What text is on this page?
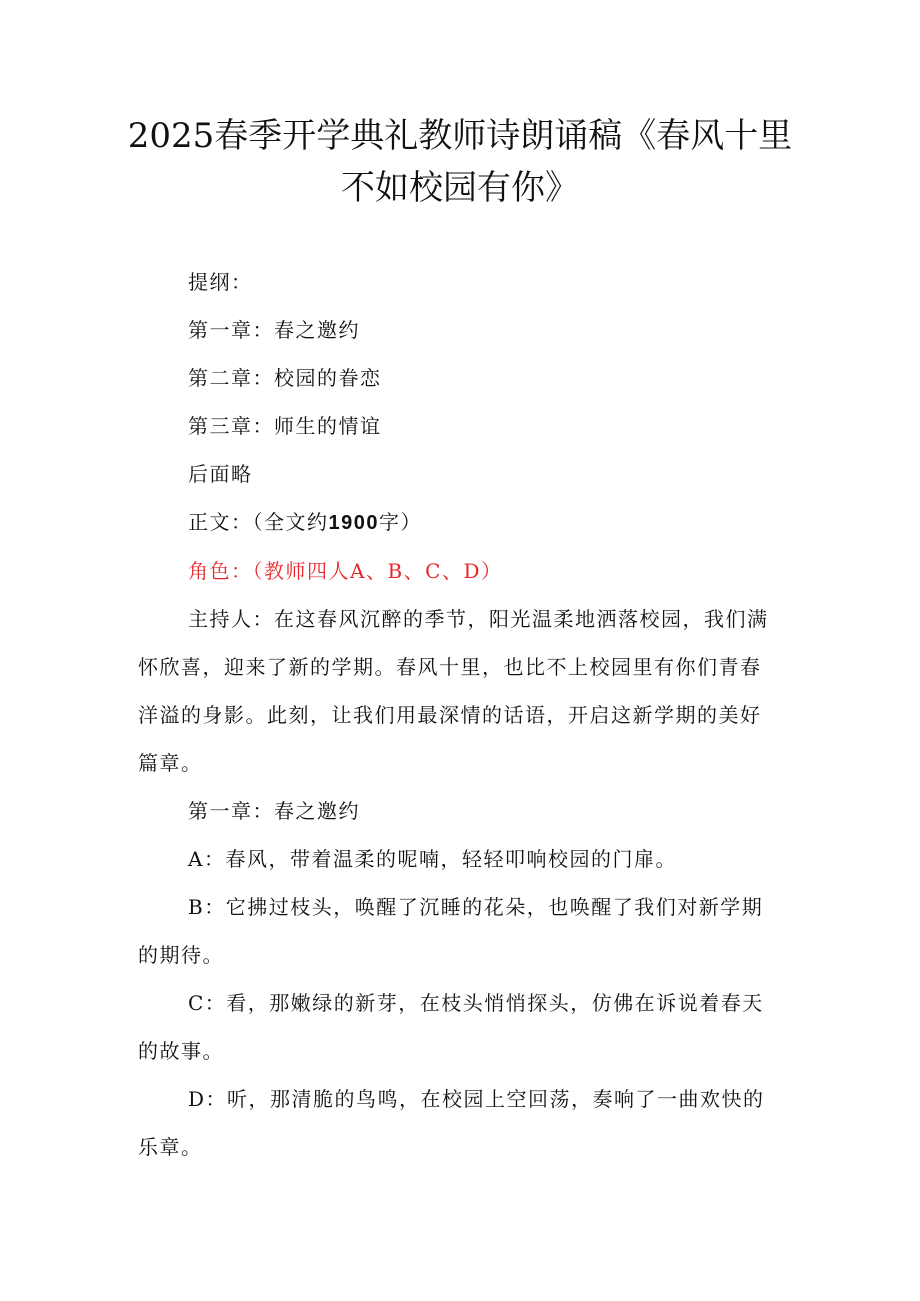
2025春季开学典礼教师诗朗诵稿《春风十里
不如校园有你》

提纲：

第一章：春之邀约

第二章：校园的眷恋

第三章：师生的情谊

后面略

正文：（全文约1900字）

角色：（教师四人A、B、C、D）

主持人：在这春风沉醉的季节，阳光温柔地洒落校园，我们满怀欣喜，迎来了新的学期。春风十里，也比不上校园里有你们青春洋溢的身影。此刻，让我们用最深情的话语，开启这新学期的美好篇章。

第一章：春之邀约

A：春风，带着温柔的呢喃，轻轻叩响校园的门扉。

B：它拂过枝头，唤醒了沉睡的花朵，也唤醒了我们对新学期的期待。

C：看，那嫩绿的新芽，在枝头悄悄探头，仿佛在诉说着春天的故事。

D：听，那清脆的鸟鸣，在校园上空回荡，奏响了一曲欢快的乐章。
